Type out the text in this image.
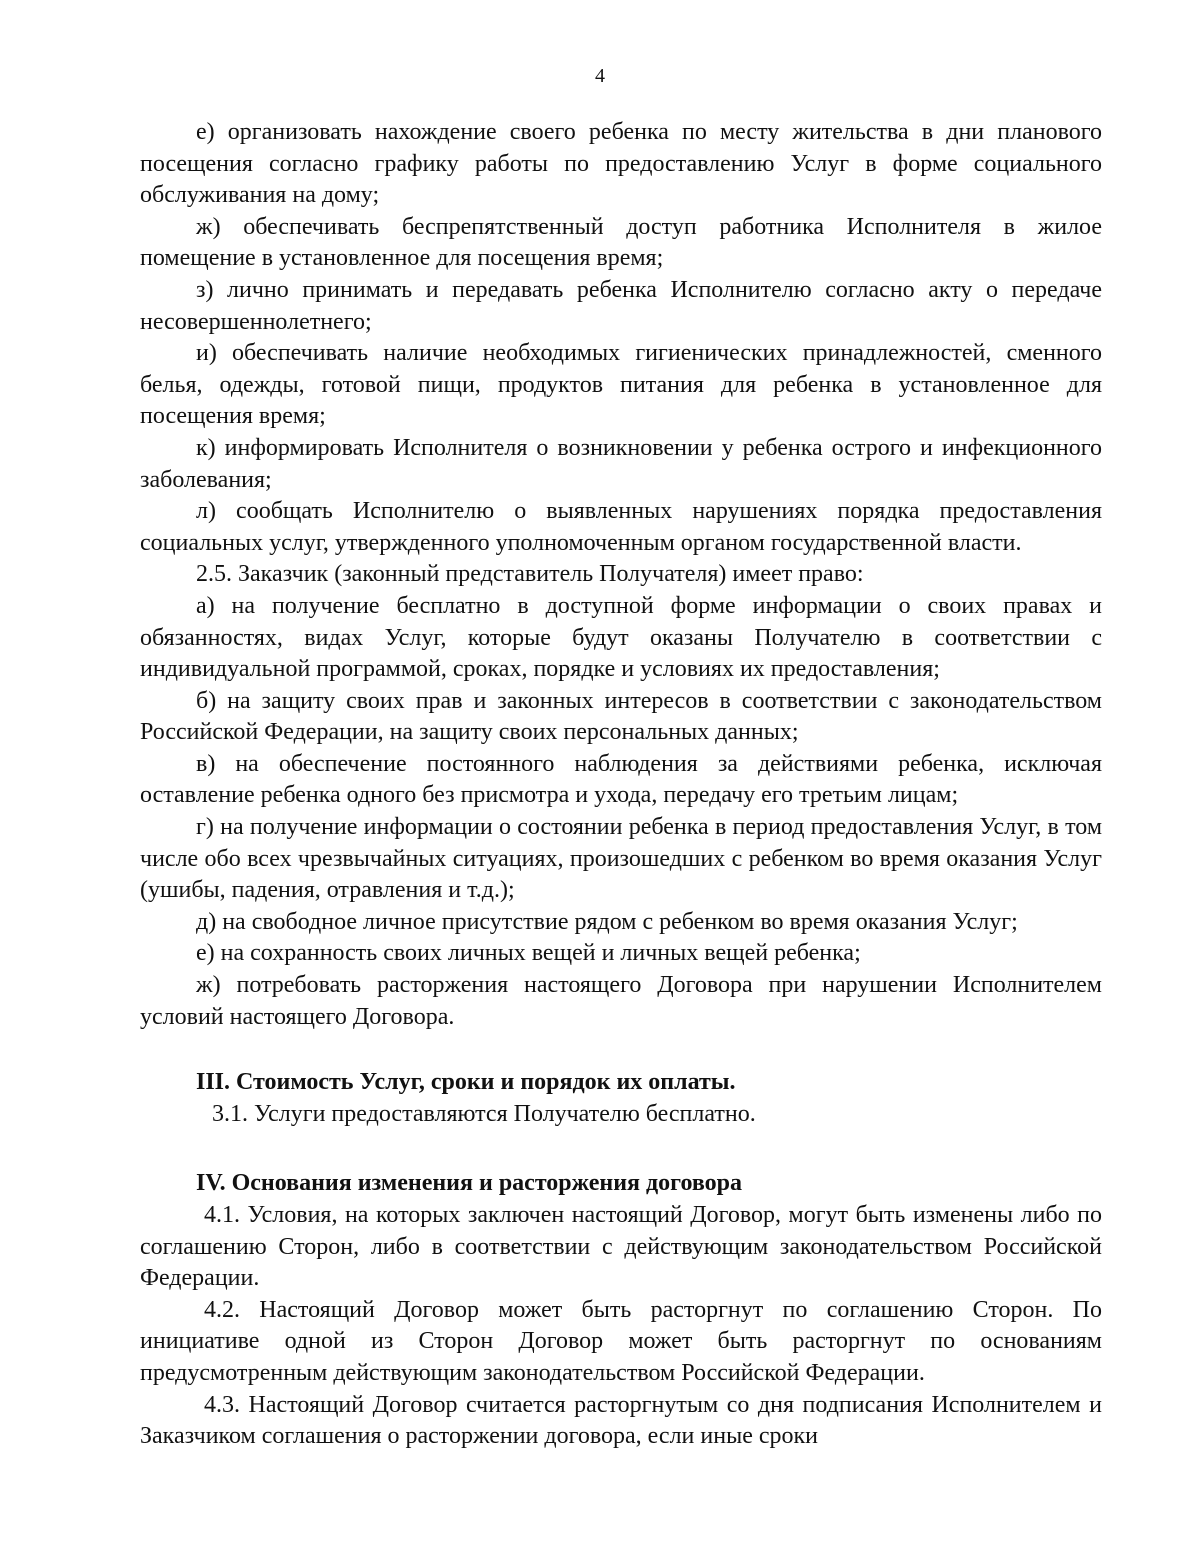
4

е) организовать нахождение своего ребенка по месту жительства в дни планового посещения согласно графику работы по предоставлению Услуг в форме социального обслуживания на дому;

ж) обеспечивать беспрепятственный доступ работника Исполнителя в жилое помещение в установленное для посещения время;

з) лично принимать и передавать ребенка Исполнителю согласно акту о передаче несовершеннолетнего;

и) обеспечивать наличие необходимых гигиенических принадлежностей, сменного белья, одежды, готовой пищи, продуктов питания для ребенка в установленное для посещения время;

к) информировать Исполнителя о возникновении у ребенка острого и инфекционного заболевания;

л) сообщать Исполнителю о выявленных нарушениях порядка предоставления социальных услуг, утвержденного уполномоченным органом государственной власти.

2.5. Заказчик (законный представитель Получателя) имеет право:

а) на получение бесплатно в доступной форме информации о своих правах и обязанностях, видах Услуг, которые будут оказаны Получателю в соответствии с индивидуальной программой, сроках, порядке и условиях их предоставления;

б) на защиту своих прав и законных интересов в соответствии с законодательством Российской Федерации, на защиту своих персональных данных;

в) на обеспечение постоянного наблюдения за действиями ребенка, исключая оставление ребенка одного без присмотра и ухода, передачу его третьим лицам;

г) на получение информации о состоянии ребенка в период предоставления Услуг, в том числе обо всех чрезвычайных ситуациях, произошедших с ребенком во время оказания Услуг (ушибы, падения, отравления и т.д.);

д) на свободное личное присутствие рядом с ребенком во время оказания Услуг;

е) на сохранность своих личных вещей и личных вещей ребенка;

ж) потребовать расторжения настоящего Договора при нарушении Исполнителем условий настоящего Договора.

III. Стоимость Услуг, сроки и порядок их оплаты.

3.1. Услуги предоставляются Получателю бесплатно.

IV. Основания изменения и расторжения договора

4.1. Условия, на которых заключен настоящий Договор, могут быть изменены либо по соглашению Сторон, либо в соответствии с действующим законодательством Российской Федерации.

4.2. Настоящий Договор может быть расторгнут по соглашению Сторон. По инициативе одной из Сторон Договор может быть расторгнут по основаниям предусмотренным действующим законодательством Российской Федерации.

4.3. Настоящий Договор считается расторгнутым со дня подписания Исполнителем и Заказчиком соглашения о расторжении договора, если иные сроки
